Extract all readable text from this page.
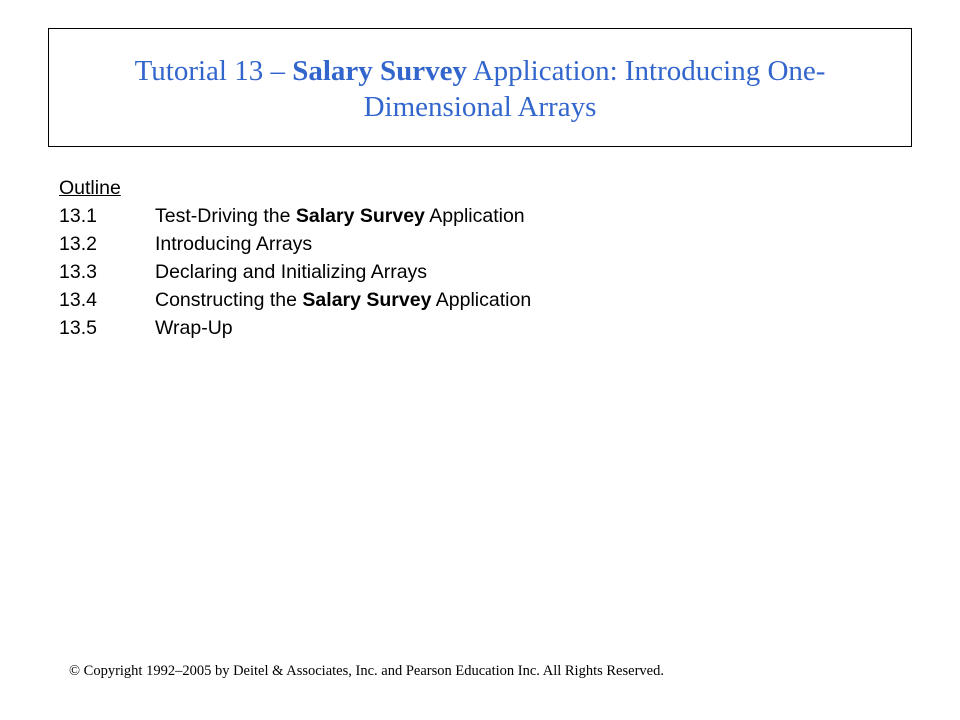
Tutorial 13 – Salary Survey Application: Introducing One-
Dimensional Arrays
Outline
13.1	Test-Driving the Salary Survey Application
13.2	Introducing Arrays
13.3	Declaring and Initializing Arrays
13.4	Constructing the Salary Survey Application
13.5	Wrap-Up
© Copyright 1992–2005 by Deitel & Associates, Inc. and Pearson Education Inc. All Rights Reserved.
